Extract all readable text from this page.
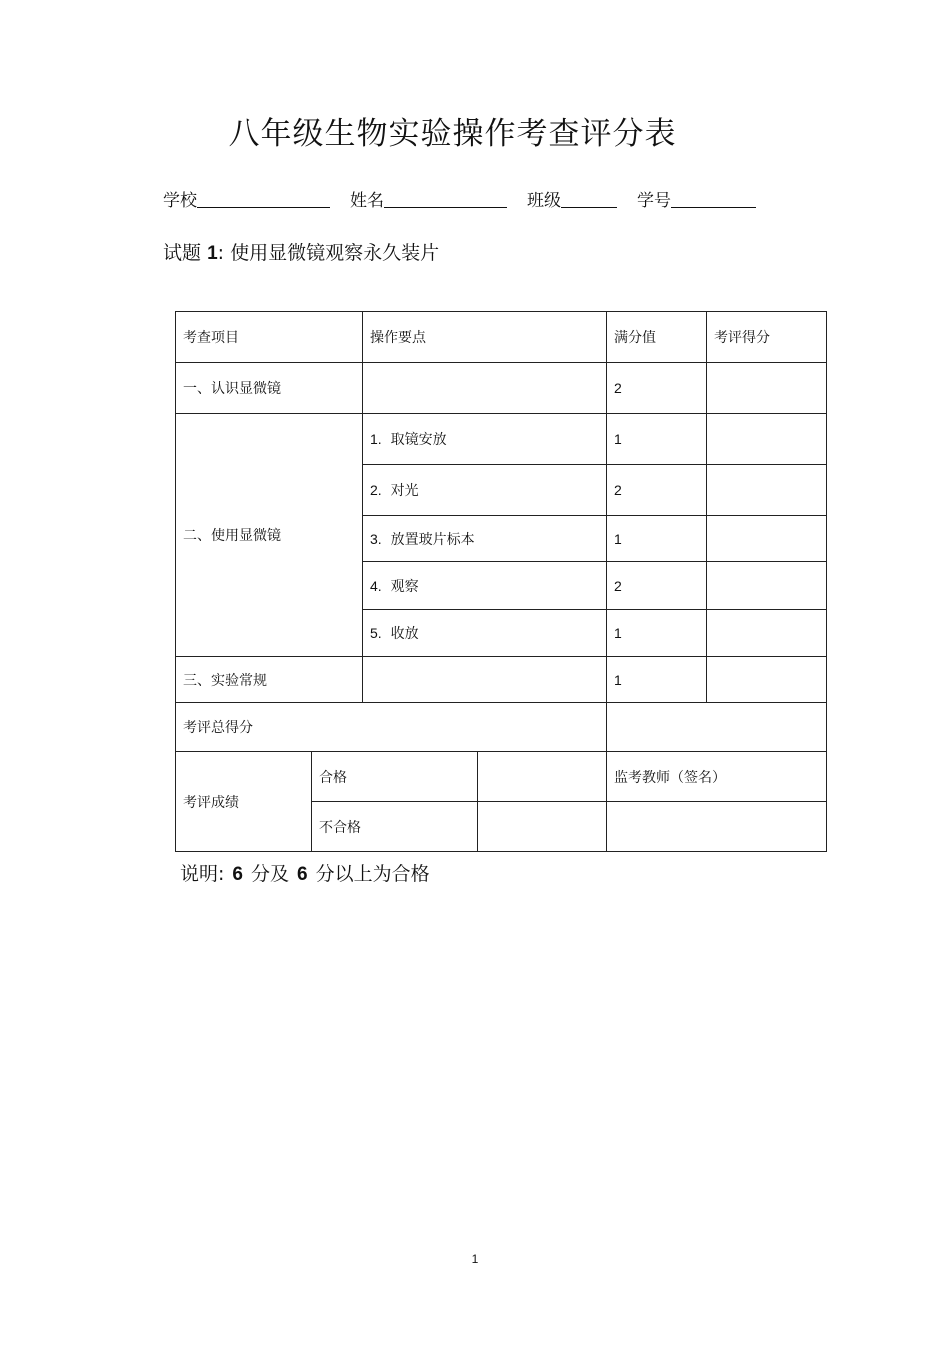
八年级生物实验操作考查评分表
学校	姓名	班级	学号
试题 1: 使用显微镜观察永久装片
考查项目		操作要点		满分值	考评得分
一、认识显微镜				2	
二、使用显微镜		1. 取镜安放		1	
		2. 对光		2	
		3. 放置玻片标本		1	
		4. 观察		2	
		5. 收放		1	
三、实验常规				1	
考评总得分					
考评成绩	合格			监考教师（签名）	
	不合格				
说明: 6 分及 6 分以上为合格
1
